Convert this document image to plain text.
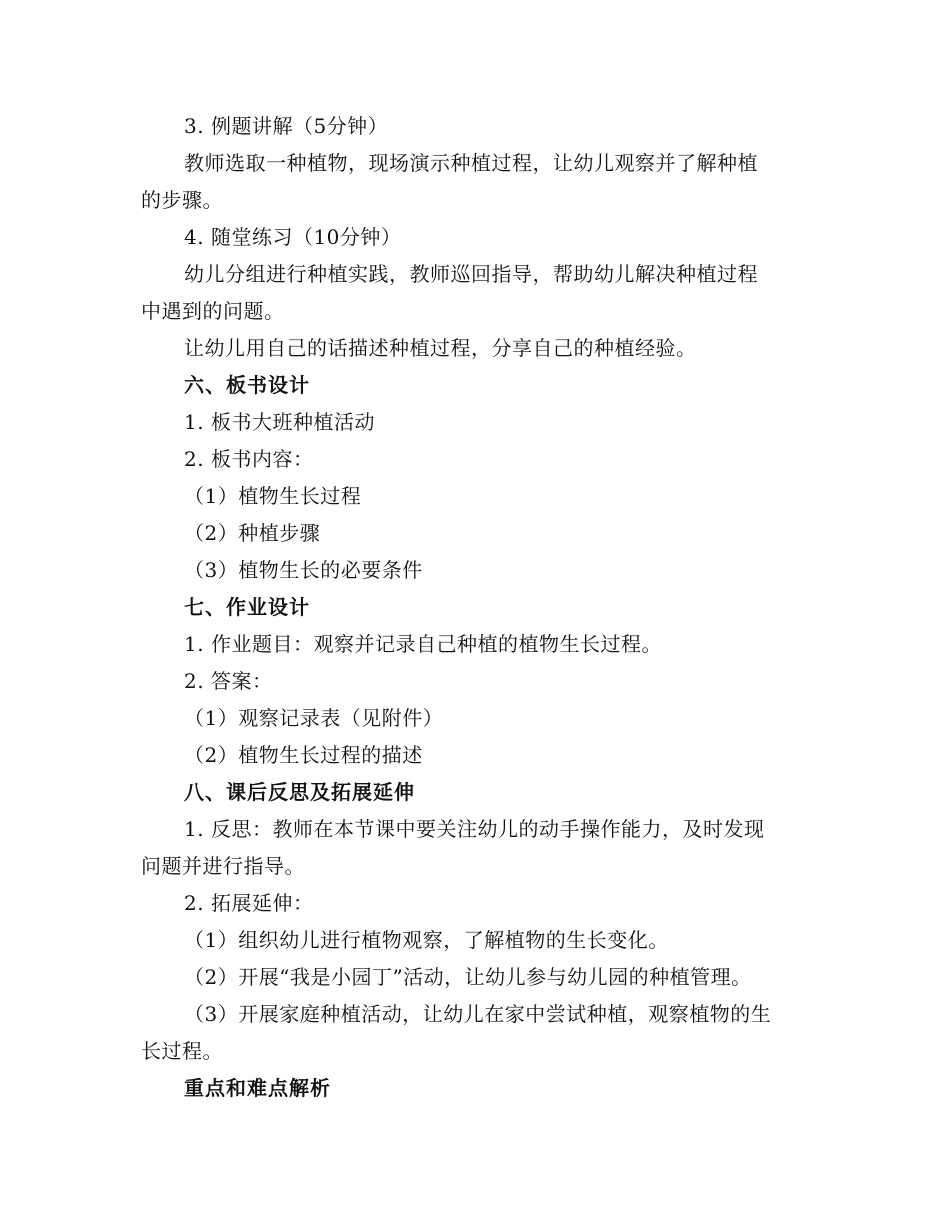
3. 例题讲解（5分钟）
教师选取一种植物，现场演示种植过程，让幼儿观察并了解种植
的步骤。
4. 随堂练习（10分钟）
幼儿分组进行种植实践，教师巡回指导，帮助幼儿解决种植过程
中遇到的问题。
让幼儿用自己的话描述种植过程，分享自己的种植经验。
六、板书设计
1. 板书大班种植活动
2. 板书内容：
（1）植物生长过程
（2）种植步骤
（3）植物生长的必要条件
七、作业设计
1. 作业题目：观察并记录自己种植的植物生长过程。
2. 答案：
（1）观察记录表（见附件）
（2）植物生长过程的描述
八、课后反思及拓展延伸
1. 反思：教师在本节课中要关注幼儿的动手操作能力，及时发现
问题并进行指导。
2. 拓展延伸：
（1）组织幼儿进行植物观察，了解植物的生长变化。
（2）开展“我是小园丁”活动，让幼儿参与幼儿园的种植管理。
（3）开展家庭种植活动，让幼儿在家中尝试种植，观察植物的生
长过程。
重点和难点解析
